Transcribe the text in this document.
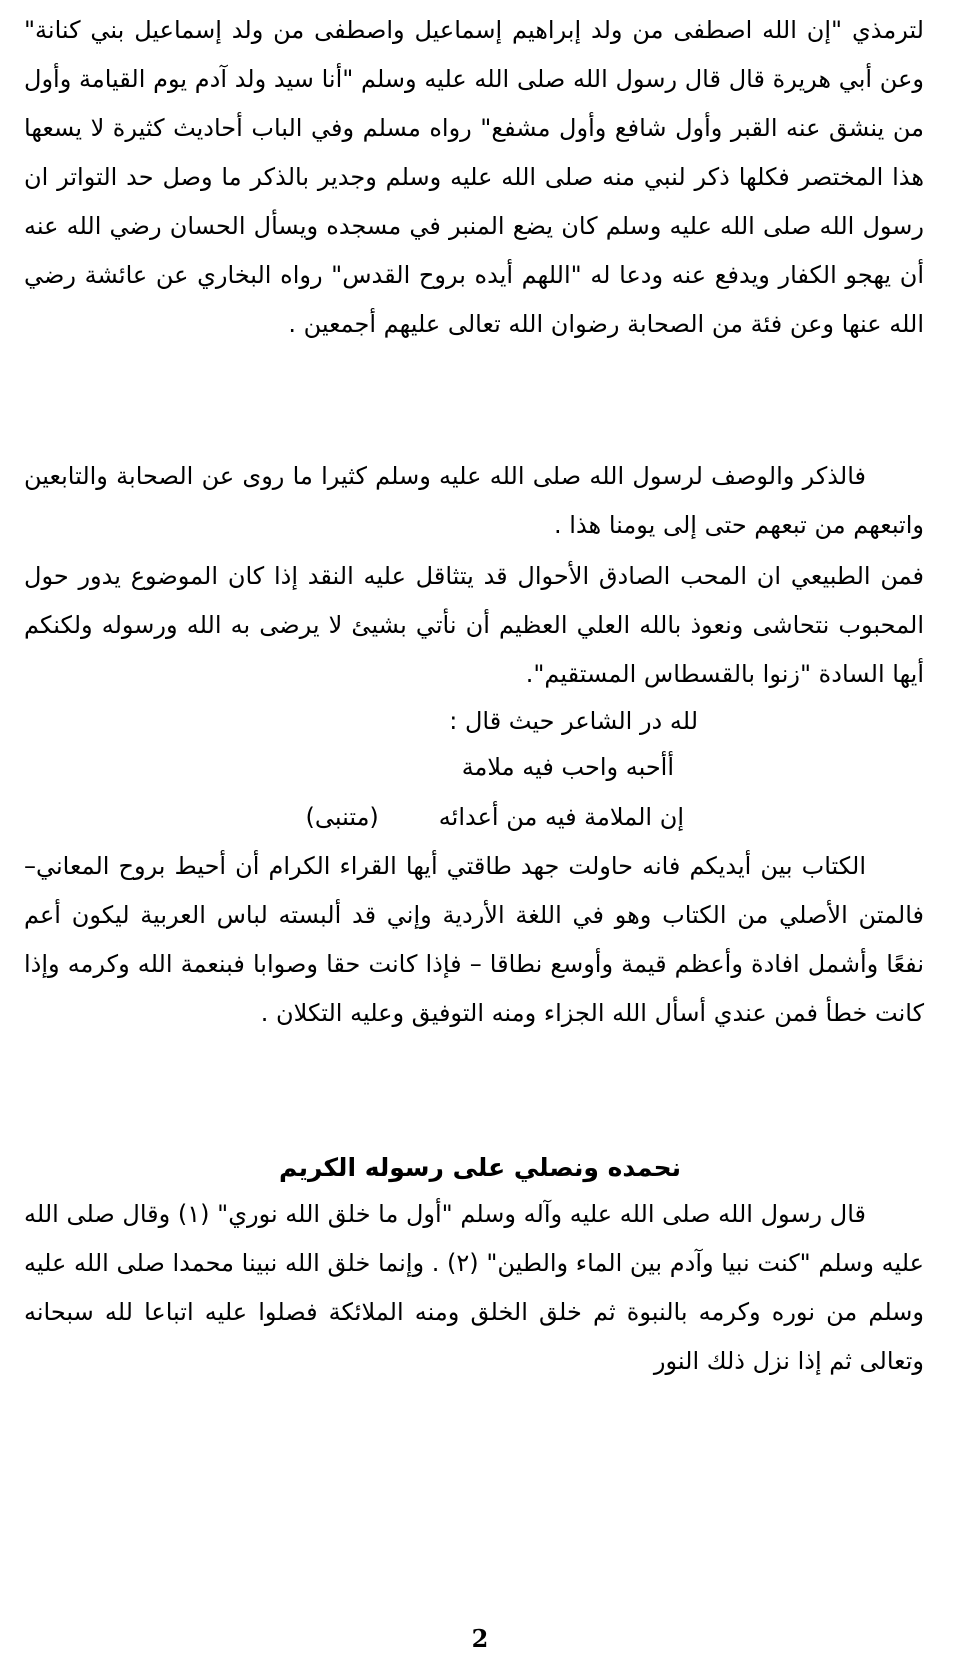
لترمذي "إن الله اصطفى من ولد إبراهيم إسماعيل واصطفى من ولد إسماعيل بني كنانة" وعن أبي هريرة قال قال رسول الله صلى الله عليه وسلم "أنا سيد ولد آدم يوم القيامة وأول من ينشق عنه القبر وأول شافع وأول مشفع" رواه مسلم وفي الباب أحاديث كثيرة لا يسعها هذا المختصر فكلها ذكر لنبي منه صلى الله عليه وسلم وجدير بالذكر ما وصل حد التواتر ان رسول الله صلى الله عليه وسلم كان يضع المنبر في مسجده ويسأل الحسان رضي الله عنه أن يهجو الكفار ويدفع عنه ودعا له "اللهم أيده بروح القدس" رواه البخاري عن عائشة رضي الله عنها وعن فئة من الصحابة رضوان الله تعالى عليهم أجمعين .

فالذكر والوصف لرسول الله صلى الله عليه وسلم كثيرا ما روى عن الصحابة والتابعين واتبعهم من تبعهم حتى إلى يومنا هذا .

فمن الطبيعي ان المحب الصادق الأحوال قد يتثاقل عليه النقد إذا كان الموضوع يدور حول المحبوب نتحاشى ونعوذ بالله العلي العظيم أن نأتي بشيئ لا يرضى به الله ورسوله ولكنكم أيها السادة "زنوا بالقسطاس المستقيم".

لله در الشاعر حيث قال :

أأحبه واحب فيه ملامة

إن الملامة فيه من أعدائه(متنبى)

الكتاب بين أيديكم فانه حاولت جهد طاقتي أيها القراء الكرام أن أحيط بروح المعاني– فالمتن الأصلي من الكتاب وهو في اللغة الأردية وإني قد ألبسته لباس العربية ليكون أعم نفعًا وأشمل افادة وأعظم قيمة وأوسع نطاقا – فإذا كانت حقا وصوابا فبنعمة الله وكرمه وإذا كانت خطأ فمن عندي أسأل الله الجزاء ومنه التوفيق وعليه التكلان .

نحمده ونصلي على رسوله الكريم

قال رسول الله صلى الله عليه وآله وسلم "أول ما خلق الله نوري" (١) وقال صلى الله عليه وسلم "كنت نبيا وآدم بين الماء والطين" (٢) . وإنما خلق الله نبينا محمدا صلى الله عليه وسلم من نوره وكرمه بالنبوة ثم خلق الخلق ومنه الملائكة فصلوا عليه اتباعا لله سبحانه وتعالى ثم إذا نزل ذلك النور

2
